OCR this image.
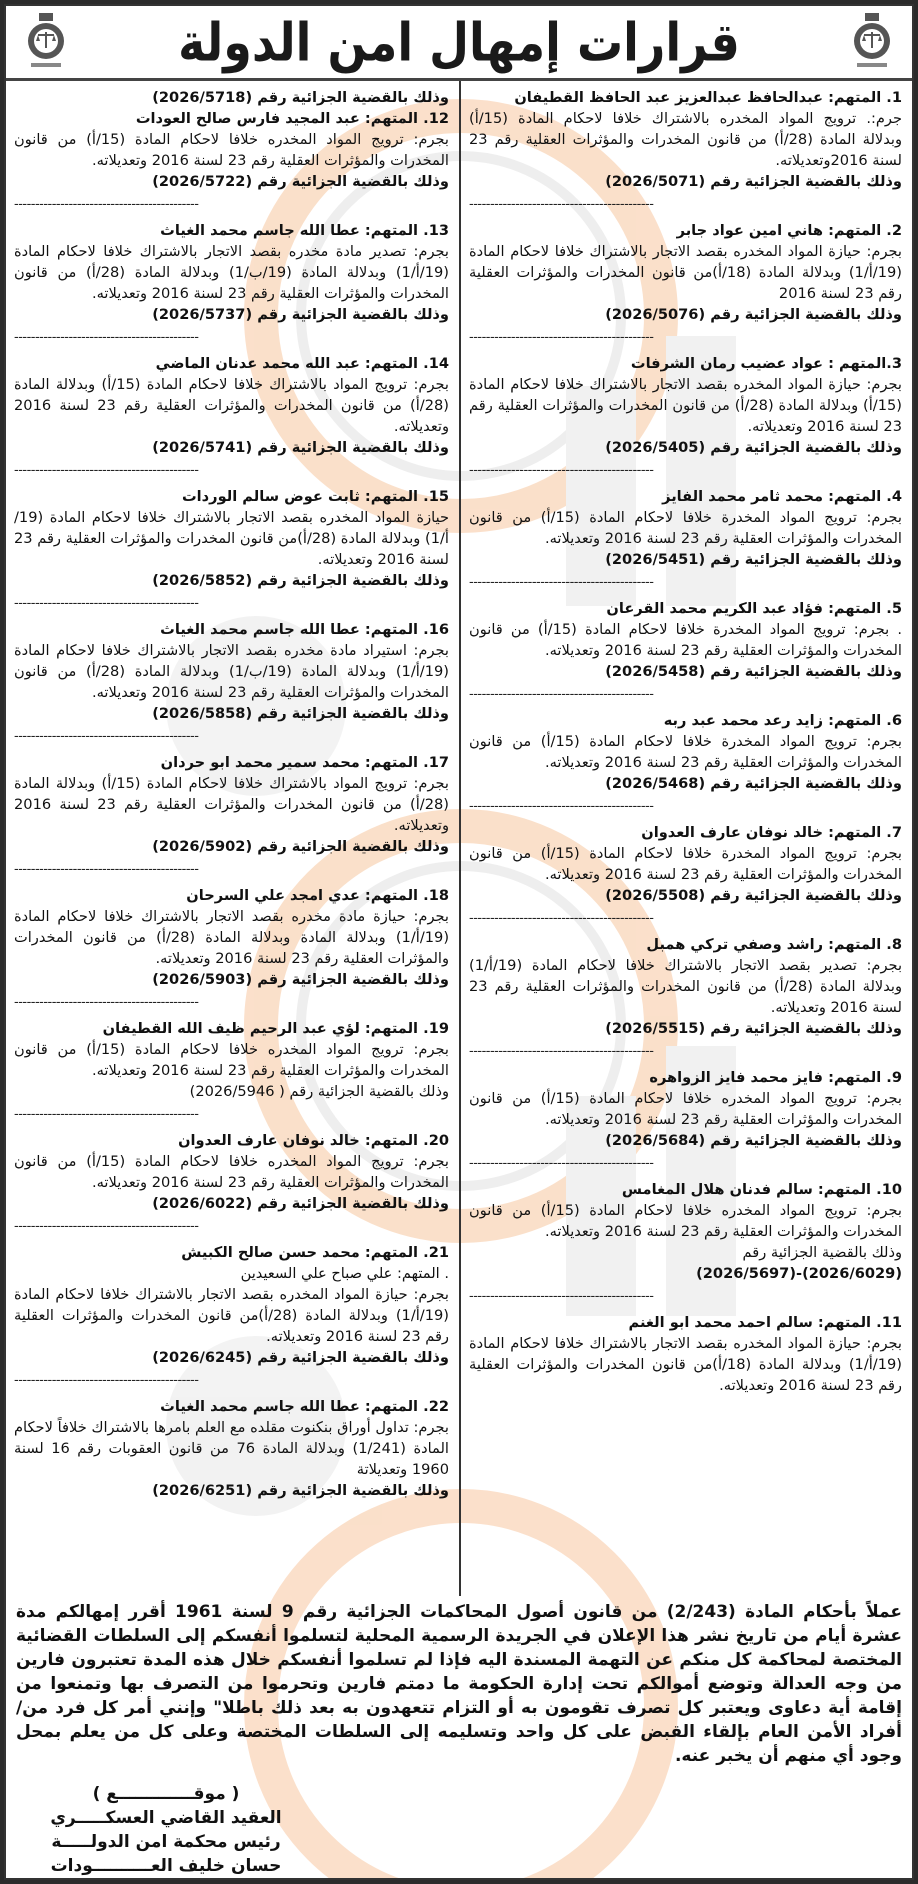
قرارات إمهال امن الدولة
1. المتهم: عبدالحافظ عبدالعزيز عبد الحافظ القطيفان
جرم:. ترويج المواد المخدره بالاشتراك خلافا لاحكام المادة (15/أ) وبدلالة المادة (28/أ) من قانون المخدرات والمؤثرات العقلية رقم 23 لسنة 2016وتعديلاته.
وذلك بالقضية الجزائية رقم (2026/5071)
--------------------------------------------
2. المتهم: هاني امين عواد جابر
بجرم: حيازة المواد المخدره بقصد الاتجار بالاشتراك خلافا لاحكام المادة (19/أ/1) وبدلالة المادة (18/أ)من قانون المخدرات والمؤثرات العقلية رقم 23 لسنة 2016
وذلك بالقضية الجزائية رقم (2026/5076)
--------------------------------------------
3.المتهم : عواد عضيب رمان الشرفات
بجرم: حيازة المواد المخدره بقصد الاتجار بالاشتراك خلافا لاحكام المادة (15/أ) وبدلالة المادة (28/أ) من قانون المخدرات والمؤثرات العقلية رقم 23 لسنة 2016 وتعديلاته.
وذلك بالقضية الجزائية رقم (2026/5405)
--------------------------------------------
4. المتهم: محمد ثامر محمد الفايز
بجرم: ترويج المواد المخدرة خلافا لاحكام المادة (15/أ) من قانون المخدرات والمؤثرات العقلية رقم 23 لسنة 2016 وتعديلاته.
وذلك بالقضية الجزائية رقم (2026/5451)
--------------------------------------------
5. المتهم: فؤاد عبد الكريم محمد القرعان
. بجرم: ترويج المواد المخدرة خلافا لاحكام المادة (15/أ) من قانون المخدرات والمؤثرات العقلية رقم 23 لسنة 2016 وتعديلاته.
وذلك بالقضية الجزائية رقم (2026/5458)
--------------------------------------------
6. المتهم: زايد رعد محمد عبد ربه
بجرم: ترويج المواد المخدرة خلافا لاحكام المادة (15/أ) من قانون المخدرات والمؤثرات العقلية رقم 23 لسنة 2016 وتعديلاته.
وذلك بالقضية الجزائية رقم (2026/5468)
--------------------------------------------
7. المتهم: خالد نوفان عارف العدوان
بجرم: ترويج المواد المخدرة خلافا لاحكام المادة (15/أ) من قانون المخدرات والمؤثرات العقلية رقم 23 لسنة 2016 وتعديلاته.
وذلك بالقضية الجزائية رقم (2026/5508)
--------------------------------------------
8. المتهم: راشد وصفي تركي همبل
بجرم: تصدير بقصد الاتجار بالاشتراك خلافا لاحكام المادة (19/أ/1) وبدلالة المادة (28/أ) من قانون المخدرات والمؤثرات العقلية رقم 23 لسنة 2016 وتعديلاته.
وذلك بالقضية الجزائية رقم (2026/5515)
--------------------------------------------
9. المتهم: فايز محمد فايز الزواهره
بجرم: ترويج المواد المخدره خلافا لاحكام المادة (15/أ) من قانون المخدرات والمؤثرات العقلية رقم 23 لسنة 2016 وتعديلاته.
وذلك بالقضية الجزائية رقم (2026/5684)
--------------------------------------------
10. المتهم: سالم فدنان هلال المغامس
بجرم: ترويج المواد المخدره خلافا لاحكام المادة (15/أ) من قانون المخدرات والمؤثرات العقلية رقم 23 لسنة 2016 وتعديلاته.
وذلك بالقضية الجزائية رقم
(2026/6029)-(2026/5697)
--------------------------------------------
11. المتهم: سالم احمد محمد ابو الغنم
بجرم: حيازة المواد المخدره بقصد الاتجار بالاشتراك خلافا لاحكام المادة (19/أ/1) وبدلالة المادة (18/أ)من قانون المخدرات والمؤثرات العقلية رقم 23 لسنة 2016 وتعديلاته.
وذلك بالقضية الجزائية رقم (2026/5718)
12. المتهم: عبد المجيد فارس صالح العودات
بجرم: ترويج المواد المخدره خلافا لاحكام المادة (15/أ) من قانون المخدرات والمؤثرات العقلية رقم 23 لسنة 2016 وتعديلاته.
وذلك بالقضية الجزائية رقم (2026/5722)
--------------------------------------------
13. المتهم: عطا الله جاسم محمد الغياث
بجرم: تصدير مادة مخدره بقصد الاتجار بالاشتراك خلافا لاحكام المادة (19/أ/1) وبدلالة المادة (19/ب/1) وبدلالة المادة (28/أ) من قانون المخدرات والمؤثرات العقلية رقم 23 لسنة 2016 وتعديلاته.
وذلك بالقضية الجزائية رقم (2026/5737)
--------------------------------------------
14. المتهم: عبد الله محمد عدنان الماضي
بجرم: ترويج المواد بالاشتراك خلافا لاحكام المادة (15/أ) وبدلالة المادة (28/أ) من قانون المخدرات والمؤثرات العقلية رقم 23 لسنة 2016 وتعديلاته.
وذلك بالقضية الجزائية رقم (2026/5741)
--------------------------------------------
15. المتهم: ثابت عوض سالم الوردات
حيازة المواد المخدره بقصد الاتجار بالاشتراك خلافا لاحكام المادة (19/أ/1) وبدلالة المادة (28/أ)من قانون المخدرات والمؤثرات العقلية رقم 23 لسنة 2016 وتعديلاته.
وذلك بالقضية الجزائية رقم (2026/5852)
--------------------------------------------
16. المتهم: عطا الله جاسم محمد الغياث
بجرم: استيراد مادة مخدره بقصد الاتجار بالاشتراك خلافا لاحكام المادة (19/أ/1) وبدلالة المادة (19/ب/1) وبدلالة المادة (28/أ) من قانون المخدرات والمؤثرات العقلية رقم 23 لسنة 2016 وتعديلاته.
وذلك بالقضية الجزائية رقم (2026/5858)
--------------------------------------------
17. المتهم: محمد سمير محمد ابو حردان
بجرم: ترويج المواد بالاشتراك خلافا لاحكام المادة (15/أ) وبدلالة المادة (28/أ) من قانون المخدرات والمؤثرات العقلية رقم 23 لسنة 2016 وتعديلاته.
وذلك بالقضية الجزائية رقم (2026/5902)
--------------------------------------------
18. المتهم: عدي امجد علي السرحان
بجرم: حيازة مادة مخدره بقصد الاتجار بالاشتراك خلافا لاحكام المادة (19/أ/1) وبدلالة المادة وبدلالة المادة (28/أ) من قانون المخدرات والمؤثرات العقلية رقم 23 لسنة 2016 وتعديلاته.
وذلك بالقضية الجزائية رقم (2026/5903)
--------------------------------------------
19. المتهم: لؤي عبد الرحيم ظيف الله القطيفان
بجرم: ترويج المواد المخدره خلافا لاحكام المادة (15/أ) من قانون المخدرات والمؤثرات العقلية رقم 23 لسنة 2016 وتعديلاته.
وذلك بالقضية الجزائية رقم ( 2026/5946)
--------------------------------------------
20. المتهم: خالد نوفان عارف العدوان
بجرم: ترويج المواد المخدره خلافا لاحكام المادة (15/أ) من قانون المخدرات والمؤثرات العقلية رقم 23 لسنة 2016 وتعديلاته.
وذلك بالقضية الجزائية رقم (2026/6022)
--------------------------------------------
21. المتهم: محمد حسن صالح الكبيش
. المتهم: علي صباح علي السعيدين
بجرم: حيازة المواد المخدره بقصد الاتجار بالاشتراك خلافا لاحكام المادة (19/أ/1) وبدلالة المادة (28/أ)من قانون المخدرات والمؤثرات العقلية رقم 23 لسنة 2016 وتعديلاته.
وذلك بالقضية الجزائية رقم (2026/6245)
--------------------------------------------
22. المتهم: عطا الله جاسم محمد الغياث
بجرم: تداول أوراق بنكنوت مقلده مع العلم بامرها بالاشتراك خلافاً لاحكام المادة (1/241) وبدلالة المادة 76 من قانون العقوبات رقم 16 لسنة 1960 وتعديلاتة
وذلك بالقضية الجزائية رقم (2026/6251)
عملاً بأحكام المادة (2/243) من قانون أصول المحاكمات الجزائية رقم 9 لسنة 1961 أقرر إمهالكم مدة عشرة أيام من تاريخ نشر هذا الإعلان في الجريدة الرسمية المحلية لتسلموا أنفسكم إلى السلطات القضائية المختصة لمحاكمة كل منكم عن التهمة المسندة اليه فإذا لم تسلموا أنفسكم خلال هذه المدة تعتبرون فارين من وجه العدالة وتوضع أموالكم تحت إدارة الحكومة ما دمتم فارين وتحرموا من التصرف بها وتمنعوا من إقامة أية دعاوى ويعتبر كل تصرف تقومون به أو التزام تتعهدون به بعد ذلك باطلا" وإنني أمر كل فرد من/ أفراد الأمن العام بإلقاء القبض على كل واحد وتسليمه إلى السلطات المختصة وعلى كل من يعلم بمحل وجود أي منهم أن يخبر عنه.
( موقـــــــــــــع )
العقيد القاضي العسكـــــري
رئيس محكمة امن الدولـــــة
حسان خليف العــــــــــودات
